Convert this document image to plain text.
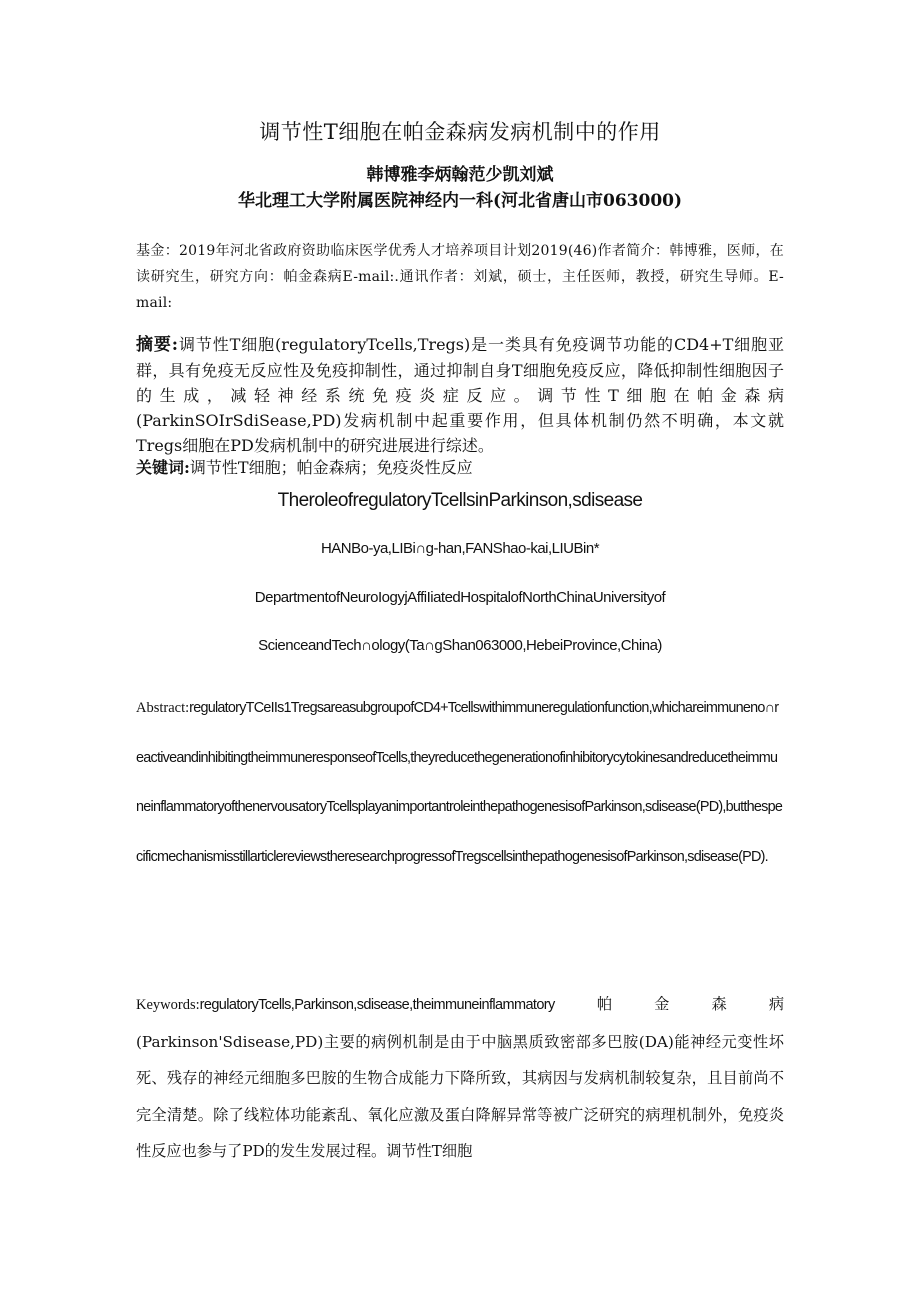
调节性T细胞在帕金森病发病机制中的作用
韩博雅李炳翰范少凯刘斌
华北理工大学附属医院神经内一科(河北省唐山市063000)
基金：2019年河北省政府资助临床医学优秀人才培养项目计划2019(46)作者简介：韩博雅，医师，在读研究生，研究方向：帕金森病E-mail:.通讯作者：刘斌，硕士，主任医师，教授，研究生导师。E-mail:
摘要:调节性T细胞(regulatoryTcells,Tregs)是一类具有免疫调节功能的CD4+T细胞亚群，具有免疫无反应性及免疫抑制性，通过抑制自身T细胞免疫反应，降低抑制性细胞因子的生成，减轻神经系统免疫炎症反应。调节性T细胞在帕金森病(ParkinSOIrSdiSease,PD)发病机制中起重要作用，但具体机制仍然不明确，本文就Tregs细胞在PD发病机制中的研究进展进行综述。
关键词:调节性T细胞；帕金森病；免疫炎性反应
TheroleofregulatoryTcellsinParkinson,sdisease
HANBo-ya,LIBi∩g-han,FANShao-kai,LIUBin*
DepartmentofNeuroIogyjAffiIiatedHospitalofNorthChinaUniversityof
ScienceandTech∩ology(Ta∩gShan063000,HebeiProvince,China)
Abstract:regulatoryTCeIIs1TregsareasubgroupofCD4+Tcellswithimmuneregulationfunction,whichareimmuneno∩reactiveandinhibitingtheimmuneresponseofTcells,theyreducethegenerationofinhibitorycytokinesandreducetheimmuneinflammatoryofthenervousatoryTcellsplayanimportantroleinthepathogenesisofParkinson,sdisease(PD),butthespecificmechanismisstillarticlereviewstheresearchprogressofTregscellsinthepathogenesisofParkinson,sdisease(PD).
Keywords:regulatoryTcells,Parkinson,sdisease,theimmuneinflammatory帕金森病(Parkinson'Sdisease,PD)主要的病例机制是由于中脑黑质致密部多巴胺(DA)能神经元变性坏死、残存的神经元细胞多巴胺的生物合成能力下降所致，其病因与发病机制较复杂，且目前尚不完全清楚。除了线粒体功能紊乱、氧化应激及蛋白降解异常等被广泛研究的病理机制外，免疫炎性反应也参与了PD的发生发展过程。调节性T细胞
